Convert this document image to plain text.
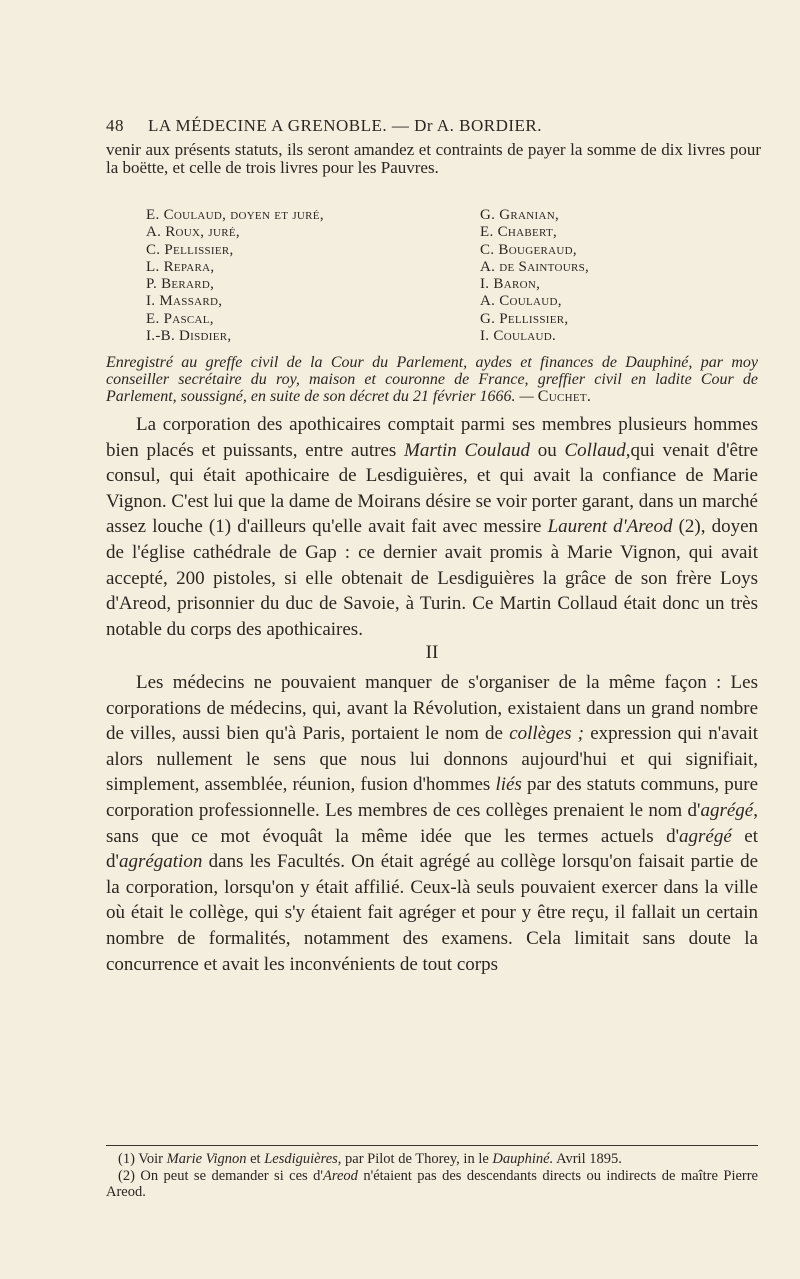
48 LA MÉDECINE A GRENOBLE. — Dr A. BORDIER.
venir aux présents statuts, ils seront amandez et contraints de payer la somme de dix livres pour la boëtte, et celle de trois livres pour les Pauvres.
E. Coulaud, doyen et juré,
A. Roux, juré,
C. Pellissier,
L. Repara,
P. Berard,
I. Massard,
E. Pascal,
I.-B. Disdier,
G. Granian,
E. Chabert,
C. Bougeraud,
A. de Saintours,
I. Baron,
A. Coulaud,
G. Pellissier,
I. Coulaud.
Enregistré au greffe civil de la Cour du Parlement, aydes et finances de Dauphiné, par moy conseiller secrétaire du roy, maison et couronne de France, greffier civil en ladite Cour de Parlement, soussigné, en suite de son décret du 21 février 1666. — Cuchet.

La corporation des apothicaires comptait parmi ses membres plusieurs hommes bien placés et puissants, entre autres Martin Coulaud ou Collaud,qui venait d'être consul, qui était apothicaire de Lesdiguières, et qui avait la confiance de Marie Vignon. C'est lui que la dame de Moirans désire se voir porter garant, dans un marché assez louche (1) d'ailleurs qu'elle avait fait avec messire Laurent d'Areod (2), doyen de l'église cathédrale de Gap : ce dernier avait promis à Marie Vignon, qui avait accepté, 200 pistoles, si elle obtenait de Lesdiguières la grâce de son frère Loys d'Areod, prisonnier du duc de Savoie, à Turin. Ce Martin Collaud était donc un très notable du corps des apothicaires.

II

Les médecins ne pouvaient manquer de s'organiser de la même façon : Les corporations de médecins, qui, avant la Révolution, existaient dans un grand nombre de villes, aussi bien qu'à Paris, portaient le nom de collèges ; expression qui n'avait alors nullement le sens que nous lui donnons aujourd'hui et qui signifiait, simplement, assemblée, réunion, fusion d'hommes liés par des statuts communs, pure corporation professionnelle. Les membres de ces collèges prenaient le nom d'agrégé, sans que ce mot évoquât la même idée que les termes actuels d'agrégé et d'agrégation dans les Facultés. On était agrégé au collège lorsqu'on faisait partie de la corporation, lorsqu'on y était affilié. Ceux-là seuls pouvaient exercer dans la ville où était le collège, qui s'y étaient fait agréger et pour y être reçu, il fallait un certain nombre de formalités, notamment des examens. Cela limitait sans doute la concurrence et avait les inconvénients de tout corps

(1) Voir Marie Vignon et Lesdiguières, par Pilot de Thorey, in le Dauphiné. Avril 1895.

(2) On peut se demander si ces d'Areod n'étaient pas des descendants directs ou indirects de maître Pierre Areod.
